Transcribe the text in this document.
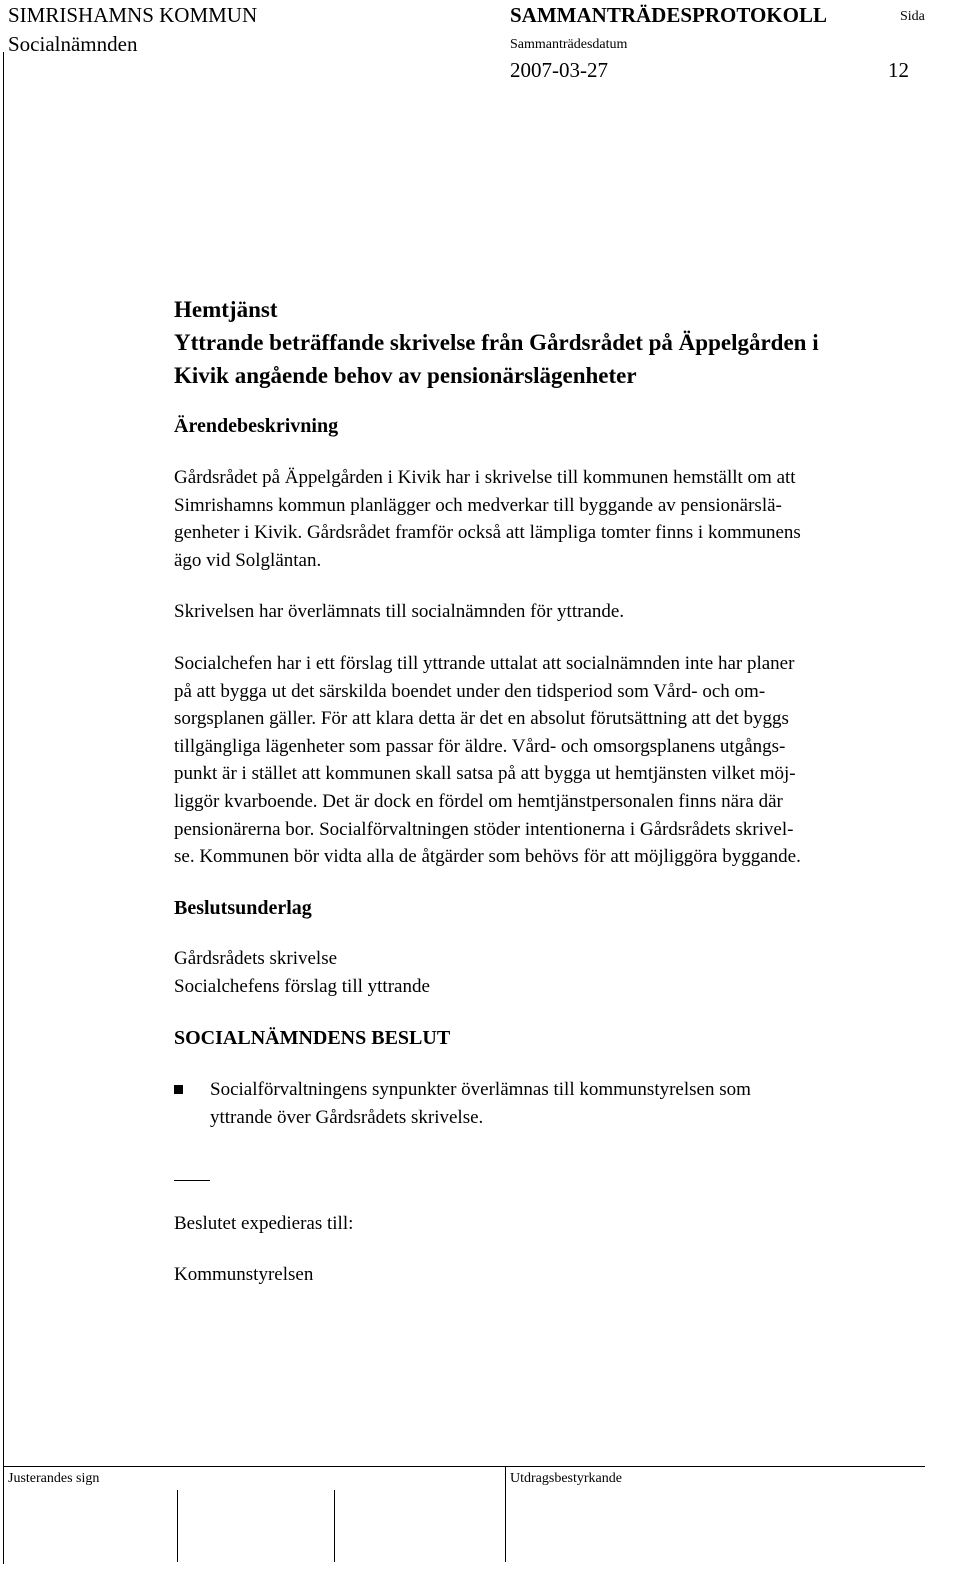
SIMRISHAMNS KOMMUN
Socialnämnden
SAMMANTRÄDESPROTOKOLL	Sida
Sammanträdesdatum
2007-03-27	12
Hemtjänst
Yttrande beträffande skrivelse från Gårdsrådet på Äppelgården i
Kivik angående behov av pensionärslägenheter
Ärendebeskrivning
Gårdsrådet på Äppelgården i Kivik har i skrivelse till kommunen hemställt om att
Simrishamns kommun planlägger och medverkar till byggande av pensionärslä-
genheter i Kivik. Gårdsrådet framför också att lämpliga tomter finns i kommunens
ägo vid Solgläntan.
Skrivelsen har överlämnats till socialnämnden för yttrande.
Socialchefen har i ett förslag till yttrande uttalat att socialnämnden inte har planer
på att bygga ut det särskilda boendet under den tidsperiod som Vård- och om-
sorgsplanen gäller. För att klara detta är det en absolut förutsättning att det byggs
tillgängliga lägenheter som passar för äldre. Vård- och omsorgsplanens utgångs-
punkt är i stället att kommunen skall satsa på att bygga ut hemtjänsten vilket möj-
liggör kvarboende. Det är dock en fördel om hemtjänstpersonalen finns nära där
pensionärerna bor. Socialförvaltningen stöder intentionerna i Gårdsrådets skrivel-
se. Kommunen bör vidta alla de åtgärder som behövs för att möjliggöra byggande.
Beslutsunderlag
Gårdsrådets skrivelse
Socialchefens förslag till yttrande
SOCIALNÄMNDENS BESLUT
Socialförvaltningens synpunkter överlämnas till kommunstyrelsen som
yttrande över Gårdsrådets skrivelse.
Beslutet expedieras till:
Kommunstyrelsen
Justerandes sign	Utdragsbestyrkande
